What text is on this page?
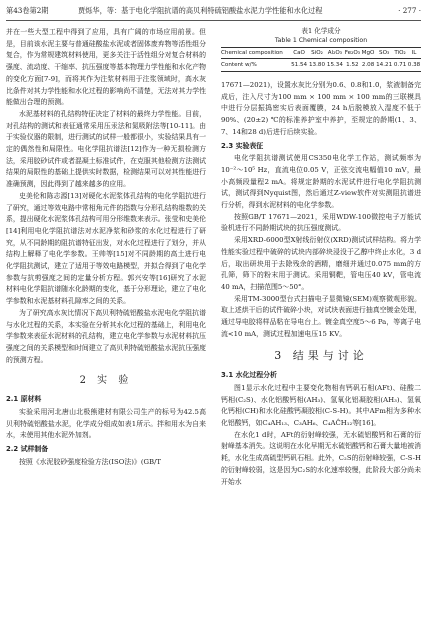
第43卷第2期	贾烁华，等：基于电化学阻抗谱的高贝利特硫铝酸盐水泥力学性能和水化过程	· 277 ·

并在一些大型工程中得到了应用，具有广阔的市场应用前景。但是，目前该水泥主要与普通硅酸盐水泥或者固体废弃物等活性组分复合，作为常规建筑材料使用，更多关注于活性组分对复合材料的强度、流动度、干缩率、抗压强度等基本物理力学性能和水化产物的变化方面[7-9]，而将其作为注浆材料用于注浆领域时，高水灰比条件对其力学性能和水化过程的影响尚不清楚，无法对其力学性能做出合理的预测。

水泥基材料的孔结构特征决定了材料的最终力学性能。目前，对孔结构的测试和表征通常采用压汞法和氮吸附法等[10-11]。由于实验仪器的限制，进行测试的试样一般都很小，实验结果具有一定的偶然性和局限性。电化学阻抗谱法[12]作为一种无损检测方法，采用胶砂试件或者混凝土标准试件，在克服其他检测方法测试结果的局限性的基础上提供实时数据，检测结果可以对其性能进行准确预测，因此得到了越来越多的应用。

史美伦和陈志源[13]对硬化水泥浆体孔结构的电化学阻抗进行了研究，通过等效电路中常相角元件的指数与分形孔结构维数的关系，提出硬化水泥浆体孔结构可用分形维数来表示。张莹和史美伦[14]利用电化学阻抗谱法对水泥净浆和砂浆的水化过程进行了研究，从不同龄期的阻抗谱特征出发，对水化过程进行了划分，并从结构上解释了电化学参数。王帅等[15]对不同龄期的高土进行电化学阻抗测试，建立了适用于等效电路模型，并拟合得到了电化学参数与抗剪强度之间的定量分析方程。郭兴安等[16]研究了水泥材料电化学阻抗谱随水化龄期的变化，基于分形理论，建立了电化学参数和水泥基材料孔隙率之间的关系。

为了研究高水灰比情况下高贝利特硫铝酸盐水泥电化学阻抗谱与水化过程的关系，本实验在分析其水化过程的基础上，利用电化学参数来表征水泥材料的孔结构，建立电化学参数与水泥材料抗压强度之间的关系模型和时间建立了高贝利特硫铝酸盐水泥抗压强度的预测方程。

2 实 验
2.1 原材料

实验采用河北唐山北极熊建材有限公司生产的标号为42.5高贝利特硫铝酸盐水泥，化学成分组成如表1所示。拌和用水为自来水，未使用其他水泥外加剂。

2.2 试样制备

按照《水泥胶砂强度检验方法(ISO法)》(GB/T

表1 化学成分
Table 1 Chemical composition
Chemical composition	CaO	SiO₂	Al₂O₃	Fe₂O₃	MgO	SO₃	TiO₂	IL
Content w/%	51.54	13.80	15.34	1.52	2.08	14.21	0.71	0.38

17671—2021)，设置水灰比分别为0.6、0.8和1.0，浆液制备完成后，注入尺寸为100 mm × 100 mm × 100 mm的三联模具中进行分层振捣密实后表面覆膜，24 h后脱模放入湿度不低于90%、(20±2) ℃的标准养护室中养护，至规定的龄期(1、3、7、14和28 d)后进行后续实验。

2.3 实验表征

电化学阻抗谱测试使用CS350电化学工作站，测试频率为10⁻²～10⁵ Hz，直流电位0.05 V，正弦交流电幅值10 mV，最小高频段量程2 mA。将规定龄期的水泥试件进行电化学阻抗测试，测试得到Nyquist图，然后通过Z-view软件对实测阻抗谱进行分析，得到水泥材料的电化学参数。

按照GB/T 17671—2021，采用WDW-100微控电子万能试验机进行不同龄期试块的抗压强度测试。

采用XRD-6000型X射线衍射仪(XRD)测试试样结构。将力学性能实验过程中破碎的试块内部碎块浸没于乙醇中终止水化，3 d后，取出研块用于去除残余的酒精，磨细并通过0.075 mm的方孔筛，筛下的粉末用于测试。采用铜靶，管电压40 kV，管电流40 mA，扫描范围5～50°。

采用TM-3000型台式扫描电子显微镜(SEM)观察微观形貌。取上述烘干后的试件破碎小块，对试块表面进行抽真空镀金处理，通过导电胶将样品粘在导电台上。镀金真空度5～6 Pa，等离子电流<10 mA，测试过程加速电压15 KV。

3 结果与讨论
3.1 水化过程分析

图1显示水化过程中主要变化物相有钙矾石相(AFt)、硅酸二钙相(C₂S)、水化铝酸钙相(AH₃)、氢氧化铝凝胶相(AH₃)、氢氧化钙相(CH)和水化硅酸钙凝胶相(C-S-H)。其中AFm相为多种水化铝酸钙，如C₄AH₁₃、C₃AH₆、C₄AĈH₁₂等[16]。

在水化1 d时，AFt的衍射峰较强，无水硫铝酸钙和石膏的衍射峰基本消失。这说明在水化早期无水硫铝酸钙和石膏大量地被消耗，水化生成高硫型钙矾石相。此外，C₂S的衍射峰较强，C-S-H的衍射峰较弱，这是因为C₂S的水化速率较慢，此阶段大部分尚未开始水
